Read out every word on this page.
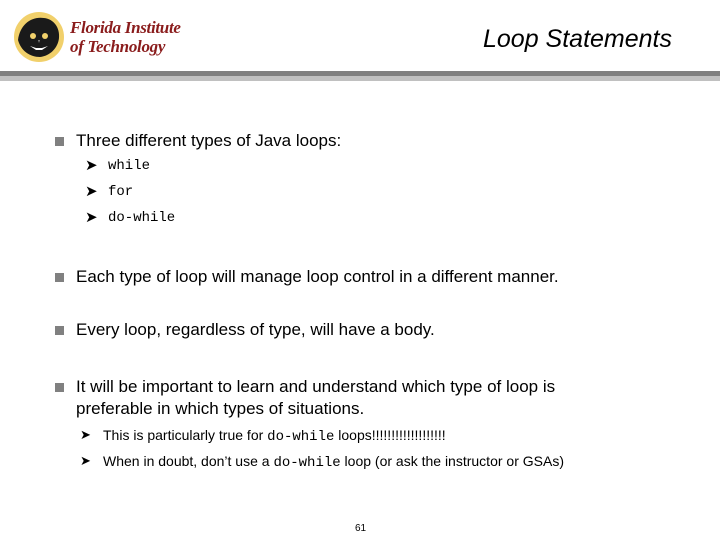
Florida Institute
of Technology	Loop Statements
Three different types of Java loops:
➤ while
➤ for
➤ do-while
Each type of loop will manage loop control in a different manner.
Every loop, regardless of type, will have a body.
It will be important to learn and understand which type of loop is
preferable in which types of situations.
➤ This is particularly true for do-while loops!!!!!!!!!!!!!!!!!!!
➤ When in doubt, don’t use a do-while loop (or ask the instructor or GSAs)
61
